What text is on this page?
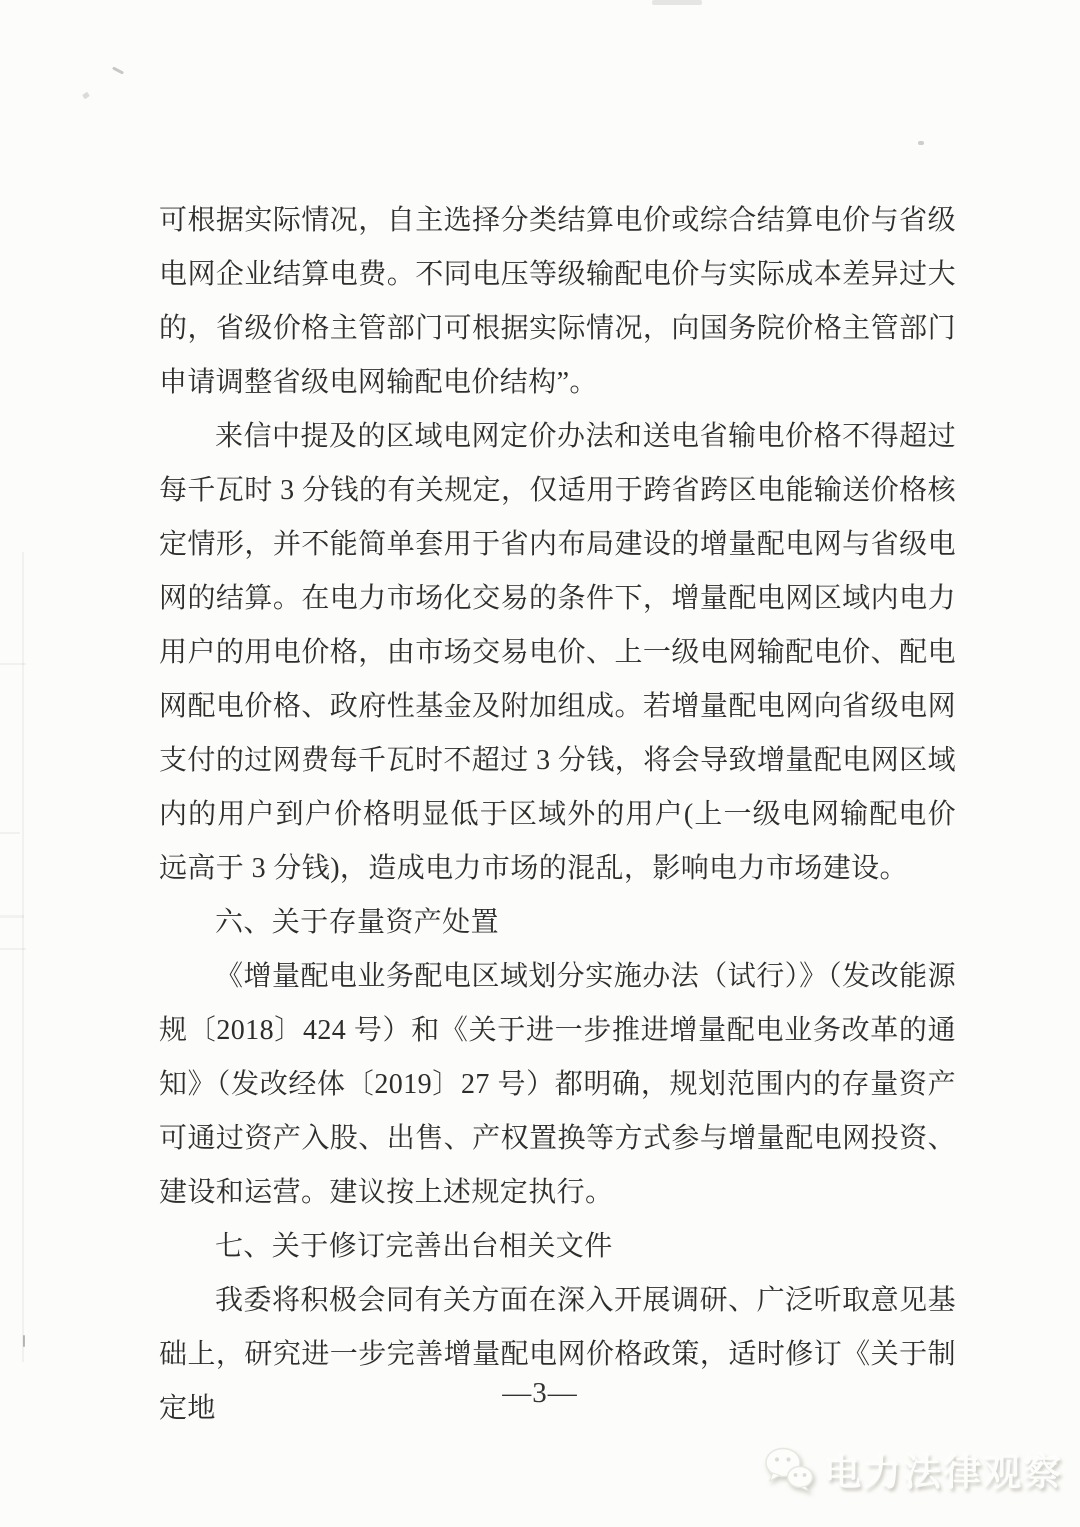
可根据实际情况，自主选择分类结算电价或综合结算电价与省级电网企业结算电费。不同电压等级输配电价与实际成本差异过大的，省级价格主管部门可根据实际情况，向国务院价格主管部门申请调整省级电网输配电价结构”。

来信中提及的区域电网定价办法和送电省输电价格不得超过每千瓦时 3 分钱的有关规定，仅适用于跨省跨区电能输送价格核定情形，并不能简单套用于省内布局建设的增量配电网与省级电网的结算。在电力市场化交易的条件下，增量配电网区域内电力用户的用电价格，由市场交易电价、上一级电网输配电价、配电网配电价格、政府性基金及附加组成。若增量配电网向省级电网支付的过网费每千瓦时不超过 3 分钱，将会导致增量配电网区域内的用户到户价格明显低于区域外的用户(上一级电网输配电价远高于 3 分钱)，造成电力市场的混乱，影响电力市场建设。

六、关于存量资产处置

《增量配电业务配电区域划分实施办法（试行）》（发改能源规〔2018〕424 号）和《关于进一步推进增量配电业务改革的通知》（发改经体〔2019〕27 号）都明确，规划范围内的存量资产可通过资产入股、出售、产权置换等方式参与增量配电网投资、建设和运营。建议按上述规定执行。

七、关于修订完善出台相关文件

我委将积极会同有关方面在深入开展调研、广泛听取意见基础上，研究进一步完善增量配电网价格政策，适时修订《关于制定地	—3—
电力法律观察
